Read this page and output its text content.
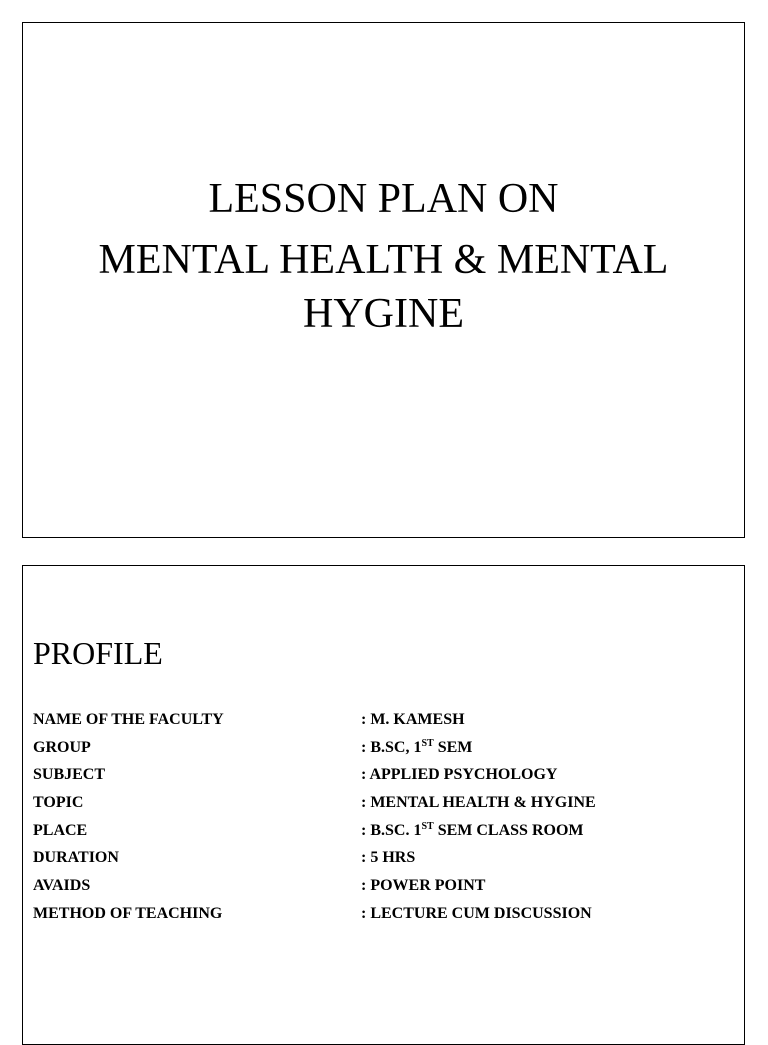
LESSON PLAN ON
MENTAL HEALTH & MENTAL
HYGINE
PROFILE
NAME OF THE FACULTY	: M. KAMESH
GROUP	: B.SC, 1ST SEM
SUBJECT	: APPLIED PSYCHOLOGY
TOPIC	: MENTAL HEALTH & HYGINE
PLACE	: B.SC. 1ST SEM CLASS ROOM
DURATION	: 5 HRS
AVAIDS	: POWER POINT
METHOD OF TEACHING	: LECTURE CUM DISCUSSION
